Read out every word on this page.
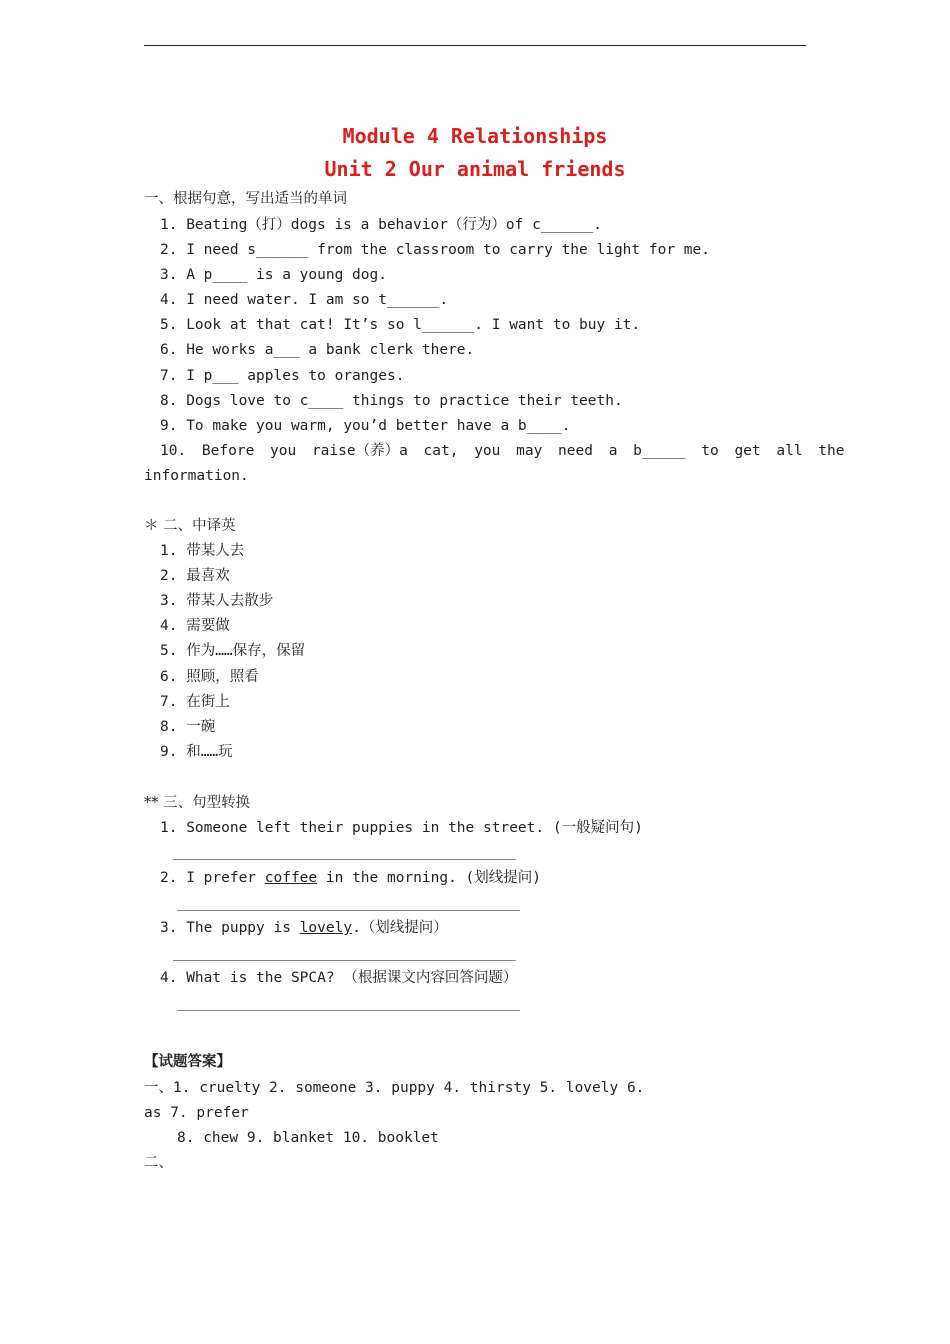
Module 4 Relationships
Unit 2 Our animal friends
一、根据句意，写出适当的单词
1. Beating（打）dogs is a behavior（行为）of c______.
2. I need s______ from the classroom to carry the light for me.
3. A p____ is a young dog.
4. I need water. I am so t______.
5. Look at that cat! It’s so l______. I want to buy it.
6. He works a___ a bank clerk there.
7. I p___ apples to oranges.
8. Dogs love to c____ things to practice their teeth.
9. To make you warm, you’d better have a b____.
10. Before you raise（养）a cat, you may need a b_____ to get all the
information.
＊ 二、中译英
1. 带某人去
2. 最喜欢
3. 带某人去散步
4. 需要做
5. 作为……保存，保留
6. 照顾，照看
7. 在街上
8. 一碗
9. 和……玩
** 三、句型转换
1. Someone left their puppies in the street. (一般疑问句)
2. I prefer coffee in the morning. (划线提问)
3. The puppy is lovely.（划线提问）
4. What is the SPCA? （根据课文内容回答问题）
【试题答案】
一、1. cruelty 2. someone 3. puppy 4. thirsty 5. lovely 6.
as 7. prefer
8. chew 9. blanket 10. booklet
二、
